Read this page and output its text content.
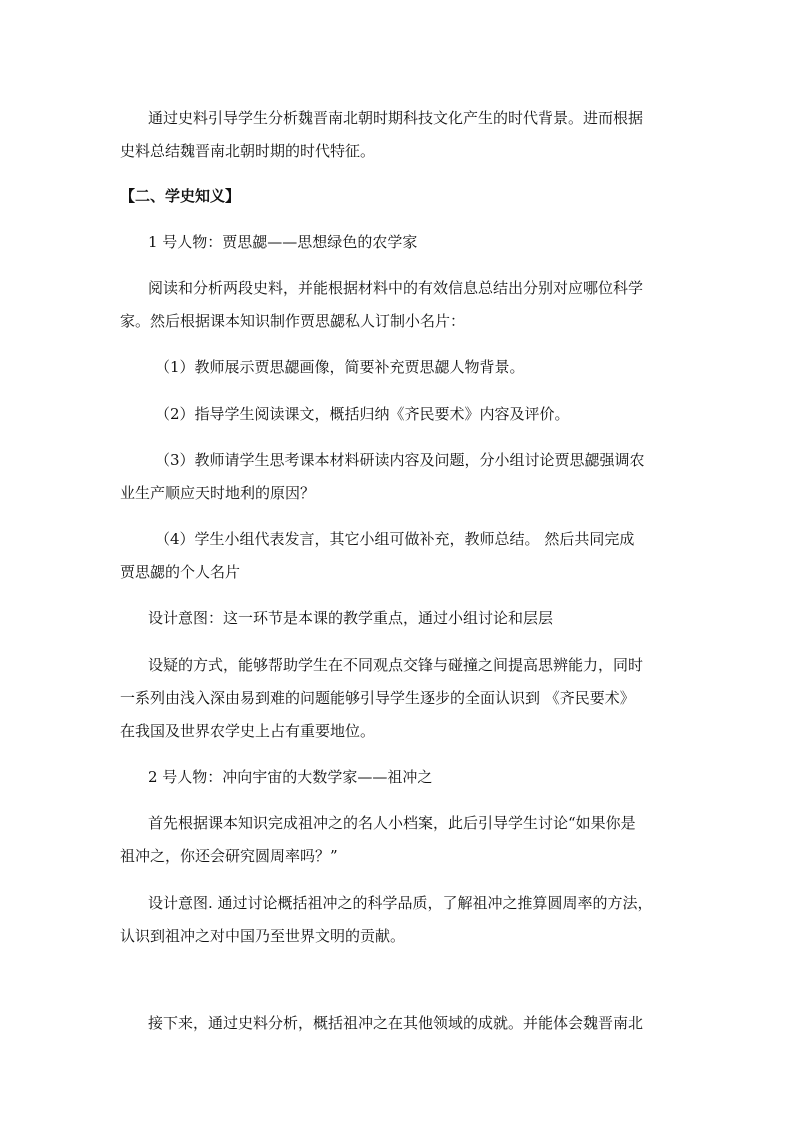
通过史料引导学生分析魏晋南北朝时期科技文化产生的时代背景。进而根据
史料总结魏晋南北朝时期的时代特征。
【二、学史知义】
1 号人物：贾思勰——思想绿色的农学家
阅读和分析两段史料，并能根据材料中的有效信息总结出分别对应哪位科学
家。然后根据课本知识制作贾思勰私人订制小名片：
（1）教师展示贾思勰画像，简要补充贾思勰人物背景。
（2）指导学生阅读课文，概括归纳《齐民要术》内容及评价。
（3）教师请学生思考课本材料研读内容及问题，分小组讨论贾思勰强调农
业生产顺应天时地利的原因？
（4）学生小组代表发言，其它小组可做补充，教师总结。 然后共同完成
贾思勰的个人名片
设计意图：这一环节是本课的教学重点，通过小组讨论和层层
设疑的方式，能够帮助学生在不同观点交锋与碰撞之间提高思辨能力，同时
一系列由浅入深由易到难的问题能够引导学生逐步的全面认识到 《齐民要术》
在我国及世界农学史上占有重要地位。
2 号人物：冲向宇宙的大数学家——祖冲之
首先根据课本知识完成祖冲之的名人小档案，此后引导学生讨论“如果你是
祖冲之，你还会研究圆周率吗？”
设计意图. 通过讨论概括祖冲之的科学品质，了解祖冲之推算圆周率的方法，
认识到祖冲之对中国乃至世界文明的贡献。
接下来，通过史料分析，概括祖冲之在其他领域的成就。并能体会魏晋南北
